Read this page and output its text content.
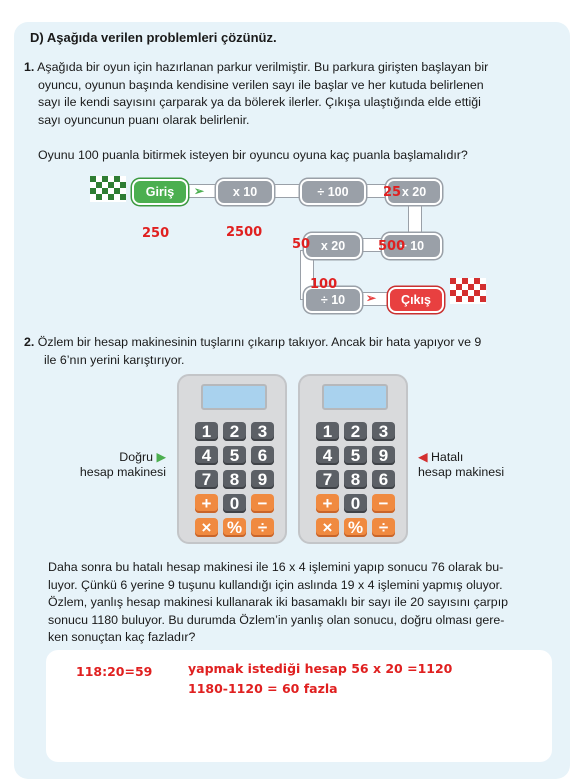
D) Aşağıda verilen problemleri çözünüz.
1. Aşağıda bir oyun için hazırlanan parkur verilmiştir. Bu parkura girişten başlayan bir
oyuncu, oyunun başında kendisine verilen sayı ile başlar ve her kutuda belirlenen
sayı ile kendi sayısını çarparak ya da bölerek ilerler. Çıkışa ulaştığında elde ettiği
sayı oyuncunun puanı olarak belirlenir.
Oyunu 100 puanla bitirmek isteyen bir oyuncu oyuna kaç puanla başlamalıdır?
Giriş	➢	x 10	÷ 100	x 20
÷ 10
x 20
÷ 10	➢	Çıkış
250	2500
25
50	500
100
2. Özlem bir hesap makinesinin tuşlarını çıkarıp takıyor. Ancak bir hata yapıyor ve 9
ile 6’nın yerini karıştırıyor.
Doğru ▶
hesap makinesi
◀ Hatalı
hesap makinesi
1	2	3
4	5	6
7	8	9
+	0	−
× % ÷
1	2	3
4	5	9
7	8	6
+	0	−
× % ÷
Daha sonra bu hatalı hesap makinesi ile 16 x 4 işlemini yapıp sonucu 76 olarak bu-
luyor. Çünkü 6 yerine 9 tuşunu kullandığı için aslında 19 x 4 işlemini yapmış oluyor.
Özlem, yanlış hesap makinesi kullanarak iki basamaklı bir sayı ile 20 sayısını çarpıp
sonucu 1180 buluyor. Bu durumda Özlem’in yanlış olan sonucu, doğru olması gere-
ken sonuçtan kaç fazladır?
118:20=59	yapmak istediği hesap 56 x 20 =1120
1180-1120 = 60 fazla
